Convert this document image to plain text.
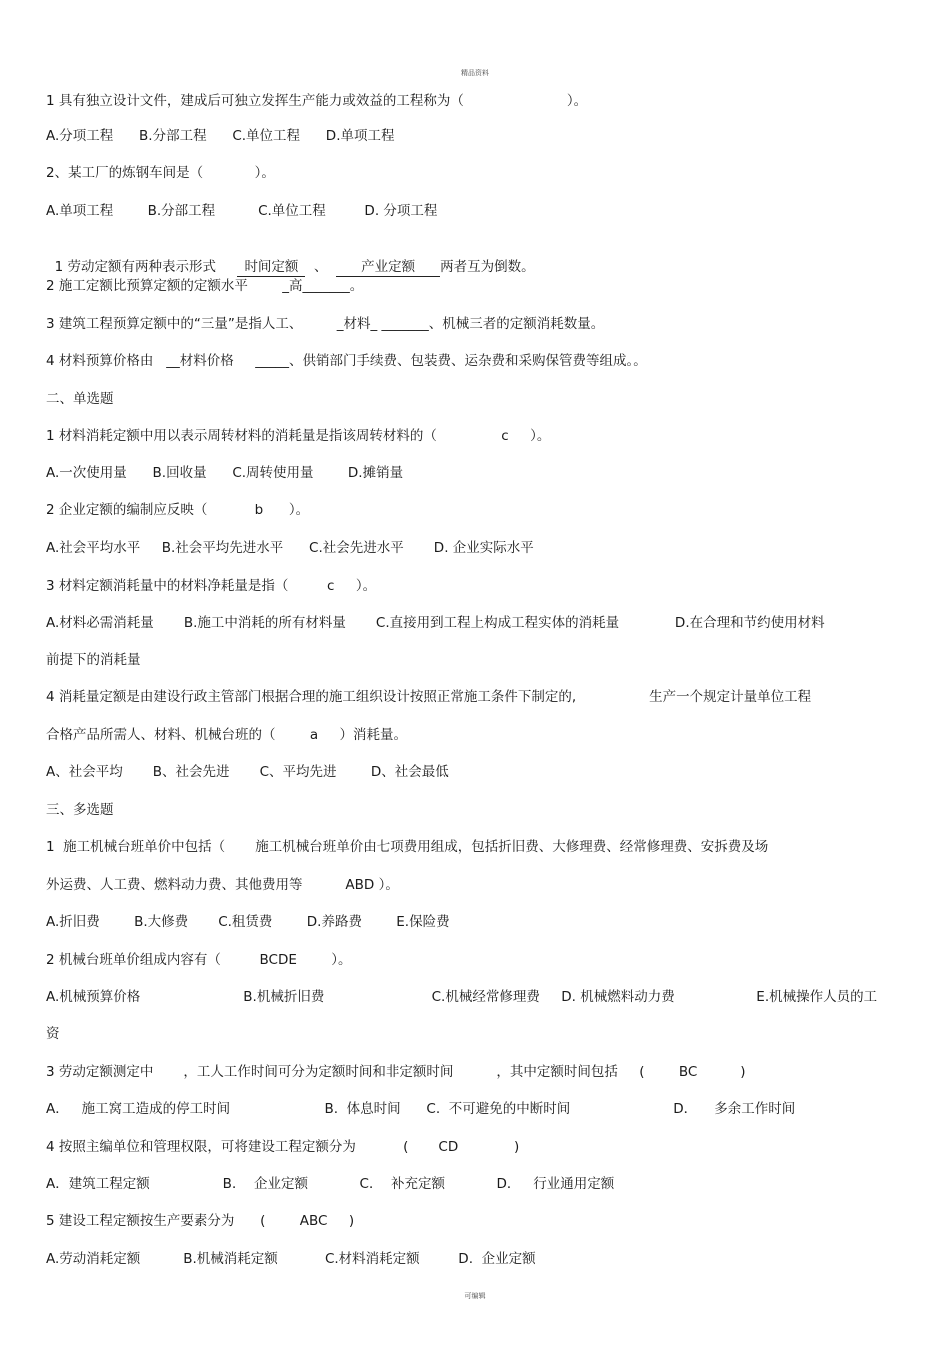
精品资料
1 具有独立设计文件，建成后可独立发挥生产能力或效益的工程称为（                        ）。
A.分项工程      B.分部工程      C.单位工程      D.单项工程
2、某工厂的炼钢车间是（            ）。
A.单项工程        B.分部工程          C.单位工程         D. 分项工程

1 劳动定额有两种表示形式     时间定额  、  产业定额 两者互为倒数。

2 施工定额比预算定额的定额水平        _高_______。
3 建筑工程预算定额中的“三量”是指人工、        _材料_ _______、机械三者的定额消耗数量。
4 材料预算价格由   __材料价格     _____、供销部门手续费、包装费、运杂费和采购保管费等组成。。
二、单选题
1 材料消耗定额中用以表示周转材料的消耗量是指该周转材料的（               c     ）。
A.一次使用量      B.回收量      C.周转使用量        D.摊销量
2 企业定额的编制应反映（           b      ）。
A.社会平均水平     B.社会平均先进水平      C.社会先进水平       D. 企业实际水平
3 材料定额消耗量中的材料净耗量是指（         c     ）。
A.材料必需消耗量       B.施工中消耗的所有材料量       C.直接用到工程上构成工程实体的消耗量             D.在合理和节约使用材料
前提下的消耗量
4 消耗量定额是由建设行政主管部门根据合理的施工组织设计按照正常施工条件下制定的,                 生产一个规定计量单位工程
合格产品所需人、材料、机械台班的（        a     ）消耗量。
A、社会平均       B、社会先进       C、平均先进        D、社会最低
三、多选题
1  施工机械台班单价中包括（       施工机械台班单价由七项费用组成，包括折旧费、大修理费、经常修理费、安拆费及场
外运费、人工费、燃料动力费、其他费用等          ABD ）。
A.折旧费        B.大修费       C.租赁费        D.养路费        E.保险费
2 机械台班单价组成内容有（         BCDE        ）。
A.机械预算价格                        B.机械折旧费                         C.机械经常修理费     D. 机械燃料动力费                   E.机械操作人员的工
资
3 劳动定额测定中       ，工人工作时间可分为定额时间和非定额时间          ，其中定额时间包括     (        BC          )
A．   施工窝工造成的停工时间                      B.  体息时间      C.  不可避免的中断时间                        D．    多余工作时间
4 按照主编单位和管理权限，可将建设工程定额分为           (       CD             )
A．建筑工程定额                 B．  企业定额            C．  补充定额            D．   行业通用定额
5 建设工程定额按生产要素分为      (        ABC     )
A.劳动消耗定额          B.机械消耗定额           C.材料消耗定额         D.  企业定额
可编辑
